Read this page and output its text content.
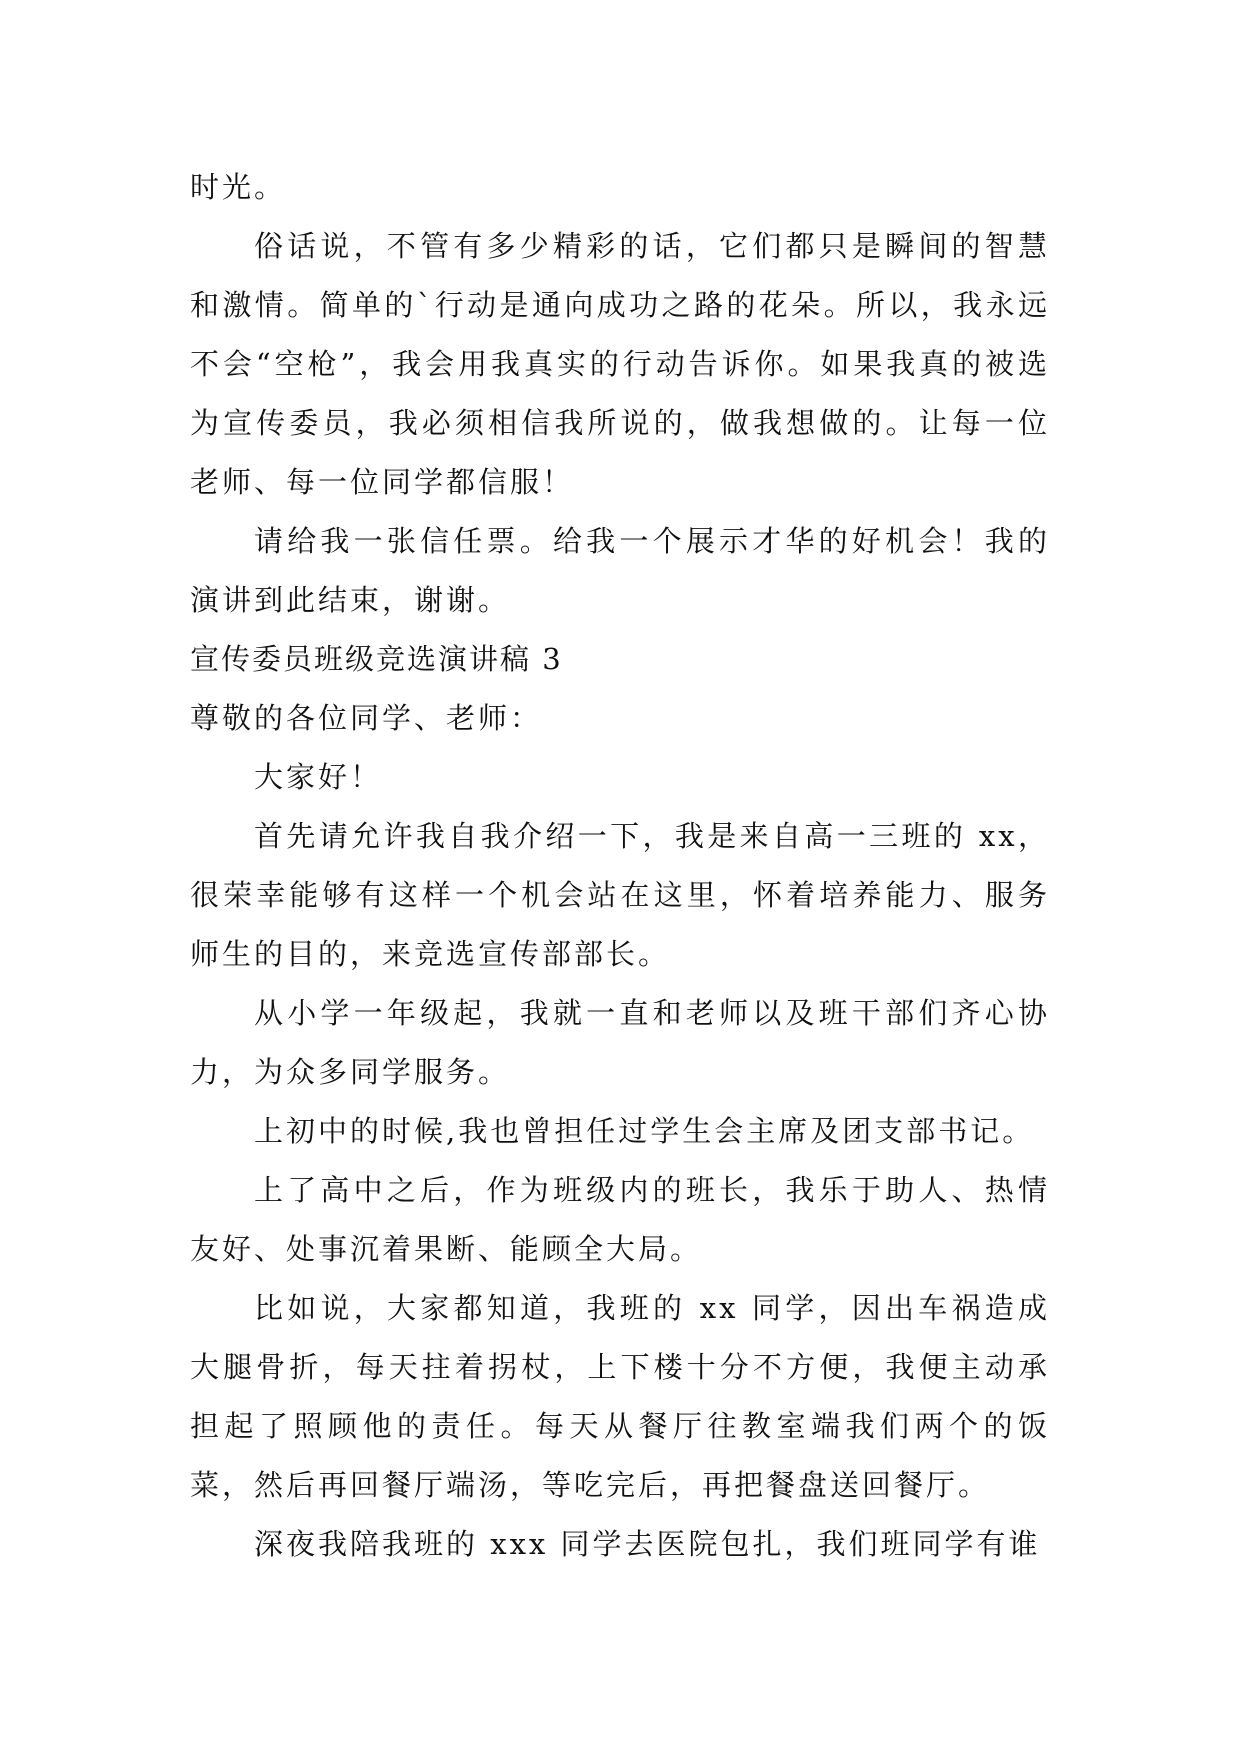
时光。

俗话说，不管有多少精彩的话，它们都只是瞬间的智慧和激情。简单的`行动是通向成功之路的花朵。所以，我永远不会“空枪”，我会用我真实的行动告诉你。如果我真的被选为宣传委员，我必须相信我所说的，做我想做的。让每一位老师、每一位同学都信服！

请给我一张信任票。给我一个展示才华的好机会！我的演讲到此结束，谢谢。

宣传委员班级竞选演讲稿 3

尊敬的各位同学、老师：

大家好！

首先请允许我自我介绍一下，我是来自高一三班的 xx，很荣幸能够有这样一个机会站在这里，怀着培养能力、服务师生的目的，来竞选宣传部部长。

从小学一年级起，我就一直和老师以及班干部们齐心协力，为众多同学服务。

上初中的时候,我也曾担任过学生会主席及团支部书记。

上了高中之后，作为班级内的班长，我乐于助人、热情友好、处事沉着果断、能顾全大局。

比如说，大家都知道，我班的 xx 同学，因出车祸造成大腿骨折，每天拄着拐杖，上下楼十分不方便，我便主动承担起了照顾他的责任。每天从餐厅往教室端我们两个的饭菜，然后再回餐厅端汤，等吃完后，再把餐盘送回餐厅。

深夜我陪我班的 xxx 同学去医院包扎，我们班同学有谁
